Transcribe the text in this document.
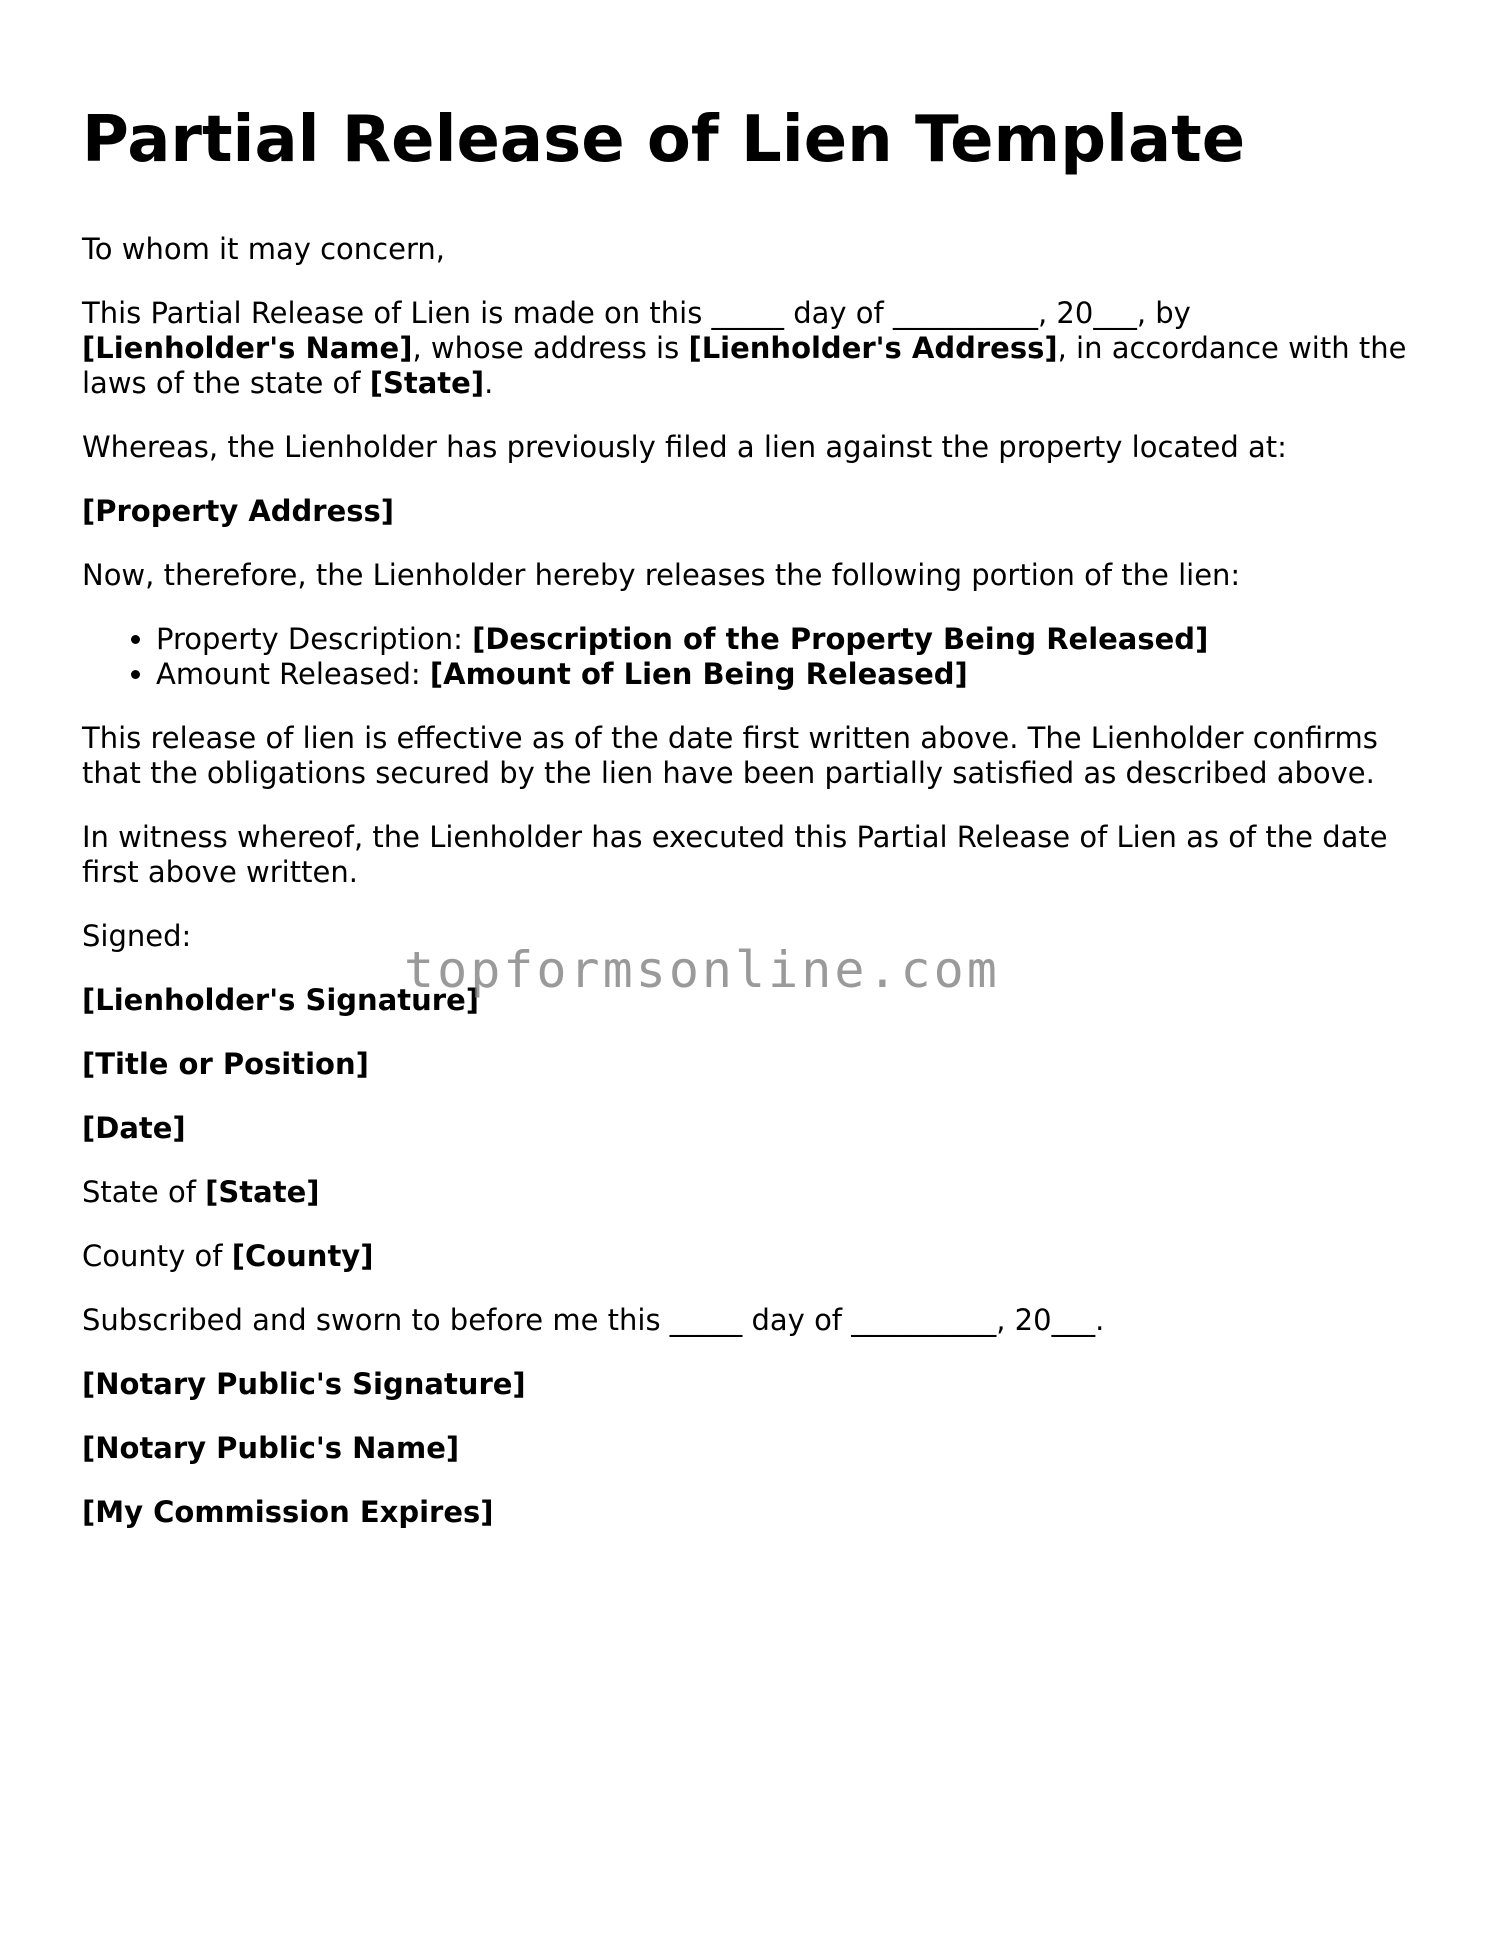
Partial Release of Lien Template

To whom it may concern,

This Partial Release of Lien is made on this _____ day of __________, 20___, by
[Lienholder's Name], whose address is [Lienholder's Address], in accordance with the laws of the state of [State].

Whereas, the Lienholder has previously filed a lien against the property located at:

[Property Address]

Now, therefore, the Lienholder hereby releases the following portion of the lien:

• Property Description: [Description of the Property Being Released]
• Amount Released: [Amount of Lien Being Released]

This release of lien is effective as of the date first written above. The Lienholder confirms that the obligations secured by the lien have been partially satisfied as described above.

In witness whereof, the Lienholder has executed this Partial Release of Lien as of the date first above written.

Signed:

[Lienholder's Signature]

[Title or Position]

[Date]

State of [State]

County of [County]

Subscribed and sworn to before me this _____ day of __________, 20___.

[Notary Public's Signature]

[Notary Public's Name]

[My Commission Expires]

topformsonline.com
